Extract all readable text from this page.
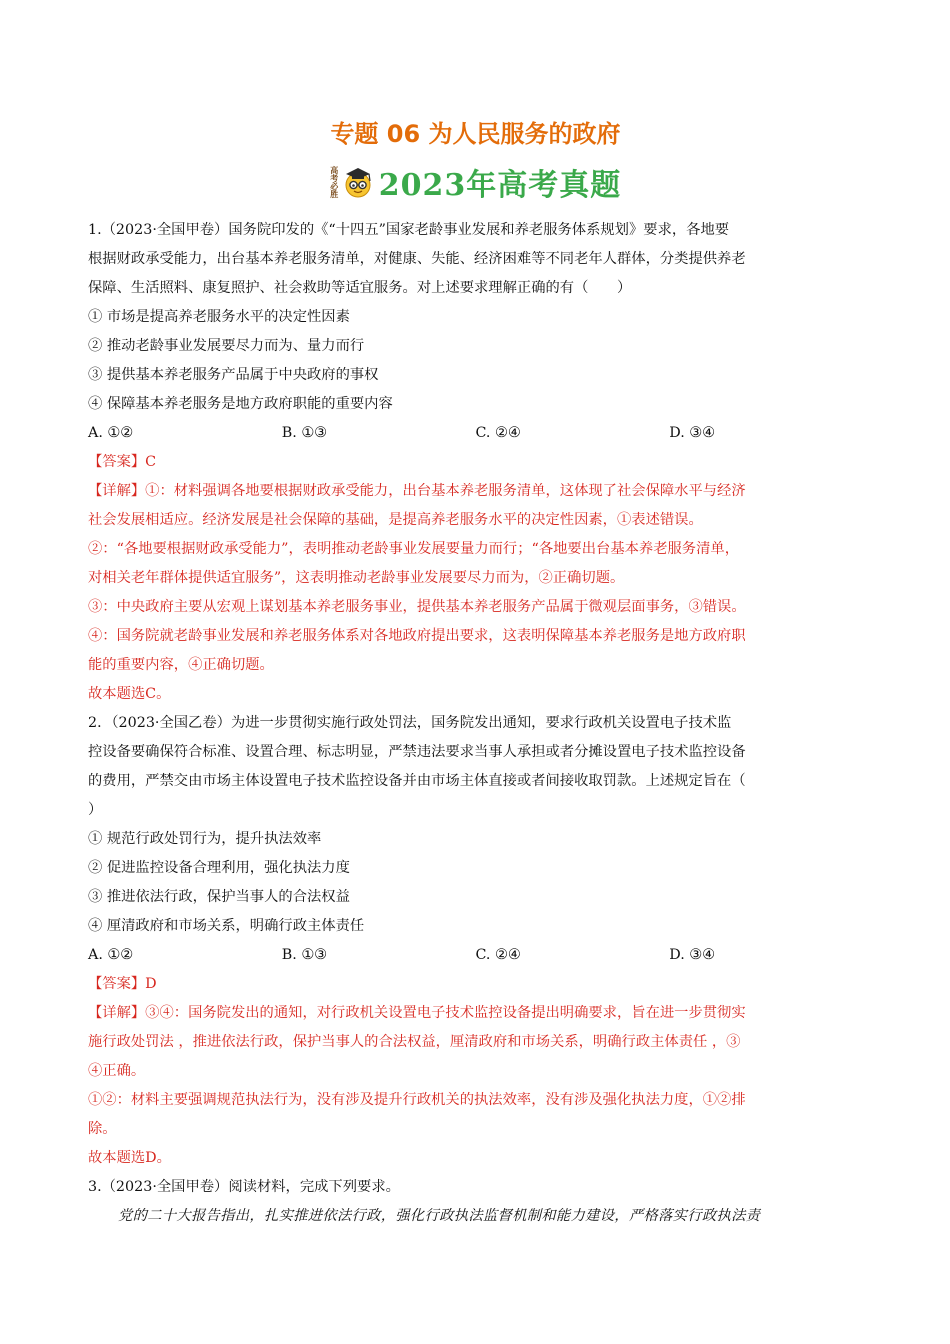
专题 06 为人民服务的政府
高考必胜 2023年高考真题

1.（2023·全国甲卷）国务院印发的《“十四五”国家老龄事业发展和养老服务体系规划》要求，各地要

根据财政承受能力，出台基本养老服务清单，对健康、失能、经济困难等不同老年人群体，分类提供养老

保障、生活照料、康复照护、社会救助等适宜服务。对上述要求理解正确的有（　　）

① 市场是提高养老服务水平的决定性因素

② 推动老龄事业发展要尽力而为、量力而行

③ 提供基本养老服务产品属于中央政府的事权

④ 保障基本养老服务是地方政府职能的重要内容

A. ①②	B. ①③	C. ②④	D. ③④

【答案】C

【详解】①：材料强调各地要根据财政承受能力，出台基本养老服务清单，这体现了社会保障水平与经济

社会发展相适应。经济发展是社会保障的基础，是提高养老服务水平的决定性因素，①表述错误。

②：“各地要根据财政承受能力”，表明推动老龄事业发展要量力而行；“各地要出台基本养老服务清单，

对相关老年群体提供适宜服务”，这表明推动老龄事业发展要尽力而为，②正确切题。

③：中央政府主要从宏观上谋划基本养老服务事业，提供基本养老服务产品属于微观层面事务，③错误。

④：国务院就老龄事业发展和养老服务体系对各地政府提出要求，这表明保障基本养老服务是地方政府职

能的重要内容，④正确切题。

故本题选C。

2．（2023·全国乙卷）为进一步贯彻实施行政处罚法，国务院发出通知，要求行政机关设置电子技术监

控设备要确保符合标准、设置合理、标志明显，严禁违法要求当事人承担或者分摊设置电子技术监控设备

的费用，严禁交由市场主体设置电子技术监控设备并由市场主体直接或者间接收取罚款。上述规定旨在（

）

① 规范行政处罚行为，提升执法效率

② 促进监控设备合理利用，强化执法力度

③ 推进依法行政，保护当事人的合法权益

④ 厘清政府和市场关系，明确行政主体责任

A. ①②	B. ①③	C. ②④	D. ③④

【答案】D

【详解】③④：国务院发出的通知，对行政机关设置电子技术监控设备提出明确要求，旨在进一步贯彻实

施行政处罚法 ，推进依法行政，保护当事人的合法权益，厘清政府和市场关系，明确行政主体责任 ，③

④正确。

①②：材料主要强调规范执法行为，没有涉及提升行政机关的执法效率，没有涉及强化执法力度，①②排

除。

故本题选D。

3.（2023·全国甲卷）阅读材料，完成下列要求。

党的二十大报告指出，扎实推进依法行政，强化行政执法监督机制和能力建设，严格落实行政执法责
